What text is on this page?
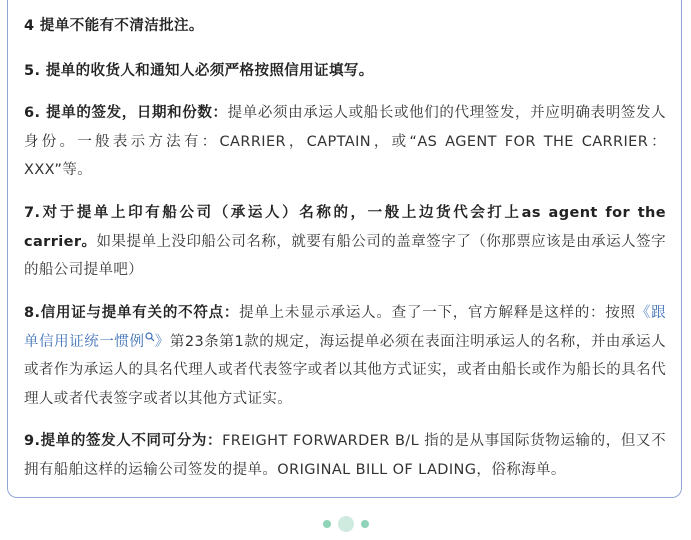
4 提单不能有不清洁批注。

5. 提单的收货人和通知人必须严格按照信用证填写。

6. 提单的签发，日期和份数：提单必须由承运人或船长或他们的代理签发，并应明确表明签发人身份。一般表示方法有：CARRIER，CAPTAIN，或“AS AGENT FOR THE CARRIER：XXX”等。

7.对于提单上印有船公司（承运人）名称的，一般上边货代会打上as agent for the carrier。如果提单上没印船公司名称，就要有船公司的盖章签字了（你那票应该是由承运人签字的船公司提单吧）

8.信用证与提单有关的不符点：提单上未显示承运人。查了一下，官方解释是这样的：按照《跟单信用证统一惯例 》第23条第1款的规定，海运提单必须在表面注明承运人的名称，并由承运人或者作为承运人的具名代理人或者代表签字或者以其他方式证实，或者由船长或作为船长的具名代理人或者代表签字或者以其他方式证实。

9.提单的签发人不同可分为：FREIGHT FORWARDER B/L 指的是从事国际货物运输的，但又不拥有船舶这样的运输公司签发的提单。ORIGINAL BILL OF LADING，俗称海单。
